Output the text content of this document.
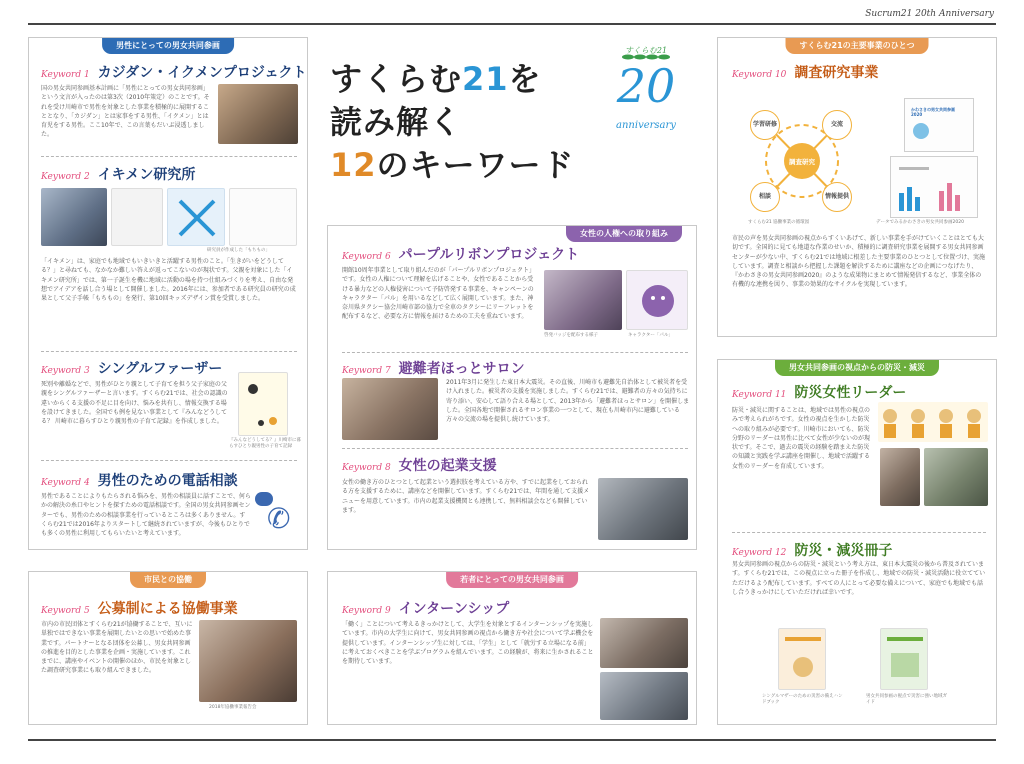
Sucrum21 20th Anniversary
男性にとっての男女共同参画
Keyword 1 カジダン・イクメンプロジェクト
国の男女共同参画基本計画に「男性にとっての男女共同参画」という文言が入ったのは第3次（2010年策定）のことです。それを受け川崎市で男性を対象とした事業を積極的に展開することとなり、「カジダン」とは家事をする男性、「イクメン」とは育児をする男性。ここ10年で、この言葉もだいぶ浸透しました。
Keyword 2 イキメン研究所
研究員が作成した「もちもの」
「イキメン」は、家庭でも地域でもいきいきと活躍する男性のこと。「生きがいをどうしてる？」と尋ねても、なかなか難しい答えが返ってこないのが現状です。父親を対象にした「イキメン研究所」では、第一子誕生を機に地域に活動の場を持つ仕組みづくりを考え、自由な発想でアイデアを話し合う場として開催しました。2016年には、参加者である研究員の研究の成果として父子手帳「もちもの」を発行、第10回キッズデザイン賞を受賞しました。
Keyword 3 シングルファーザー
死別や離婚などで、男性がひとり親として子育てを担う父子家庭の父親をシングルファーザーと言います。すくらむ21では、社会の認識の違いからくる支援の不足に目を向け、悩みを共有し、情報交換する場を設けてきました。全国でも例を見ない事業として『みんなどうしてる？ 川崎市に暮らすひとり親男性の子育て記録』を作成しました。
『みんなどうしてる？』川崎市に暮らすひとり親男性の子育て記録
Keyword 4 男性のための電話相談
男性であることによりもたらされる悩みを、男性の相談員に話すことで、何らかの解決の糸口やヒントを探すための電話相談です。全国の男女共同参画センターでも、男性のための相談事業を行っているところは多くありません。すくらむ21では2016年よりスタートして継続されていますが、今後もひとりでも多くの男性に利用してもらいたいと考えています。	✆
市民との協働
Keyword 5 公募制による協働事業
市内の市民団体とすくらむ21が協働することで、互いに単独ではできない事業を展開したいとの思いで始めた事業です。パートナーとなる団体を公募し、男女共同参画の推進を目的とした事業を企画・実施しています。これまでに、講座やイベントの開催のほか、市民を対象とした調査研究事業にも取り組んできました。
2018年協働事業報告会
すくらむ21を
読み解く
12のキーワード
すくらむ21
20
anniversary
女性の人権への取り組み
Keyword 6 パープルリボンプロジェクト
開館10周年事業として取り組んだのが「パープルリボンプロジェクト」です。女性の人権について理解を広げることや、女性であることから受ける暴力などの人権侵害について予防啓発する事業を、キャンペーンのキャラクター「パル」を用いるなどして広く展開しています。また、神奈川県タクシー協会川崎市部の協力で全車のタクシーにリーフレットを配布するなど、必要な方に情報を届けるための工夫を重ねています。
啓発バッジを配布する様子	キャラクター「パル」
Keyword 7 避難者ほっとサロン
2011年3月に発生した東日本大震災。その直後、川崎市も避難先自治体として被災者を受け入れました。被災者の支援を実施しました。すくらむ21では、避難者の方々の気持ちに寄り添い、安心して語り合える場として、2013年から「避難者ほっとサロン」を開催しました。全国各地で開催されるサロン事業の一つとして、現在も川崎市内に避難している方々の交流の場を提供し続けています。
Keyword 8 女性の起業支援
女性の働き方のひとつとして起業という選択肢を考えている方や、すでに起業をしておられる方を支援するために、講座などを開催しています。すくらむ21では、年間を通して支援メニューを用意しています。市内の起業支援機関とも連携して、無料相談会なども開催しています。
若者にとっての男女共同参画
Keyword 9 インターンシップ
「働く」ことについて考えるきっかけとして、大学生を対象とするインターンシップを実施しています。市内の大学生に向けて、男女共同参画の視点から働き方や社会について学ぶ機会を提供しています。インターンシップ生に対しては、「学生」として「就労する立場になる前」に考えておくべきことを学ぶプログラムを組んでいます。この経験が、将来に生かされることを期待しています。
すくらむ21の主要事業のひとつ
Keyword 10 調査研究事業
すくらむ21 協働事業の循環図	データでみるかわさきの男女共同参画2020
市民の声を男女共同参画の視点からすくいあげて、新しい事業を手がけていくことはとても大切です。全国的に見ても地道な作業のせいか、積極的に調査研究事業を展開する男女共同参画センターが少ない中、すくらむ21では地域に根差した主要事業のひとつとして位置づけ、実施しています。調査と相談から把握した課題を解決するために講座などの企画につなげたり、『かわさきの男女共同参画2020』のような成果物にまとめて情報発信するなど、事業全体の有機的な連携を図り、事業の効果的なサイクルを実現しています。
学習研修	交流
相談	情報提供
調査研究
かわさきの男女共同参画2020
男女共同参画の視点からの防災・減災
Keyword 11 防災女性リーダー
防災・減災に関することは、地域では男性の視点のみで考えられがちです。女性の視点を生かした防災への取り組みが必要です。川崎市においても、防災分野のリーダーは男性に比べて女性が少ないのが現状です。そこで、過去の震災の経験を踏まえた防災の知識と実践を学ぶ講座を開催し、地域で活躍する女性のリーダーを育成しています。
Keyword 12 防災・減災冊子
男女共同参画の視点からの防災・減災という考え方は、東日本大震災の後から普及されています。すくらむ21では、この視点に立った冊子を作成し、地域での防災・減災活動に役立てていただけるよう配布しています。すべての人にとって必要な備えについて、家庭でも地域でも話し合うきっかけにしていただければ幸いです。
シングルマザーのための災害の備えハンドブック
男女共同参画の視点で災害に強い地域ガイド
